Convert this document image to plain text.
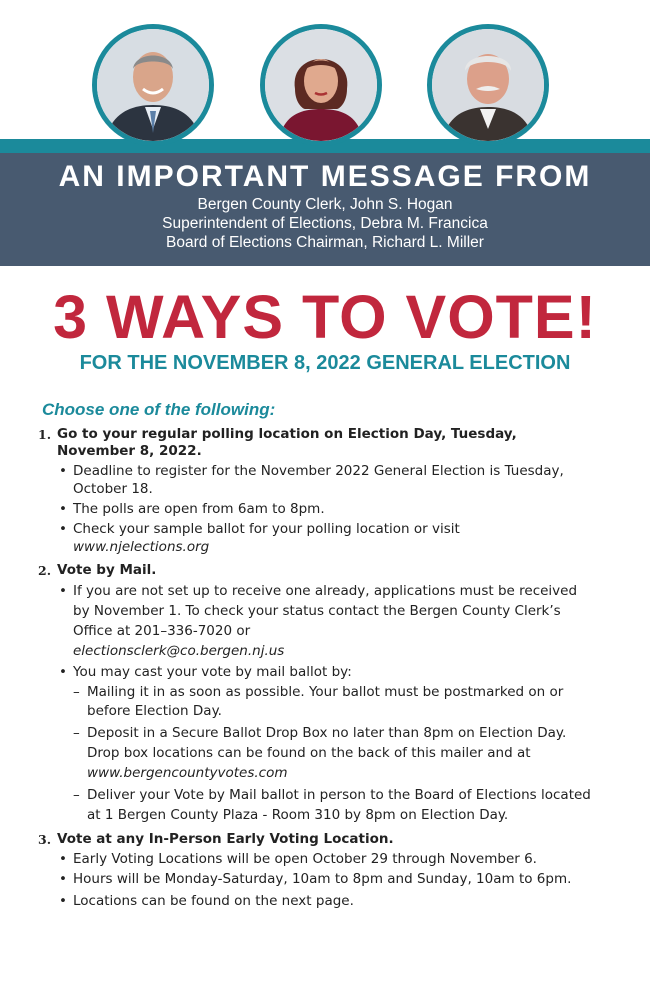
AN IMPORTANT MESSAGE FROM
Bergen County Clerk, John S. Hogan
Superintendent of Elections, Debra M. Francica
Board of Elections Chairman, Richard L. Miller
3 WAYS TO VOTE!
FOR THE NOVEMBER 8, 2022 GENERAL ELECTION
Choose one of the following:
1. Go to your regular polling location on Election Day, Tuesday, November 8, 2022.
• Deadline to register for the November 2022 General Election is Tuesday, October 18.
• The polls are open from 6am to 8pm.
• Check your sample ballot for your polling location or visit
www.njelections.org
2. Vote by Mail.
• If you are not set up to receive one already, applications must be received by November 1. To check your status contact the Bergen County Clerk’s Office at 201–336-7020 or
electionsclerk@co.bergen.nj.us
• You may cast your vote by mail ballot by:
– Mailing it in as soon as possible. Your ballot must be postmarked on or before Election Day.
– Deposit in a Secure Ballot Drop Box no later than 8pm on Election Day. Drop box locations can be found on the back of this mailer and at www.bergencountyvotes.com
– Deliver your Vote by Mail ballot in person to the Board of Elections located at 1 Bergen County Plaza - Room 310 by 8pm on Election Day.
3. Vote at any In-Person Early Voting Location.
• Early Voting Locations will be open October 29 through November 6.
• Hours will be Monday-Saturday, 10am to 8pm and Sunday, 10am to 6pm.
• Locations can be found on the next page.
